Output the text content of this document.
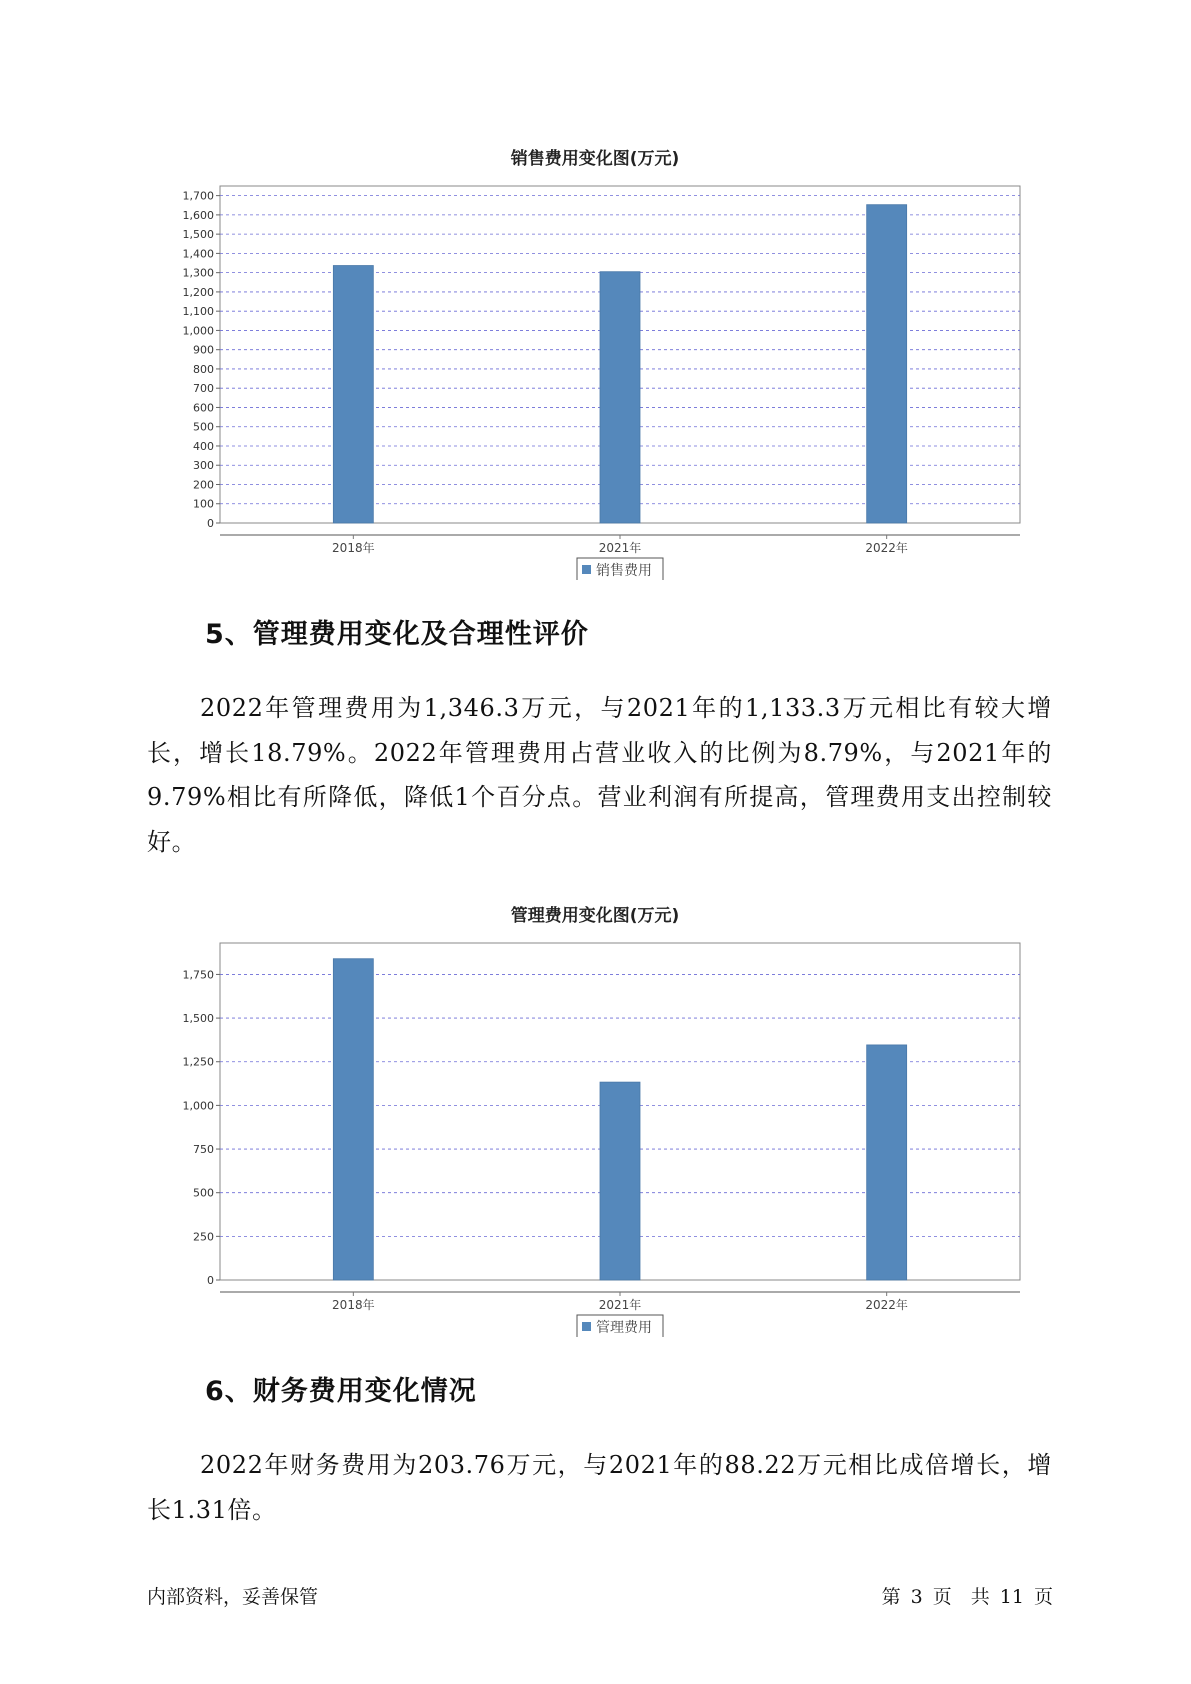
销售费用变化图(万元)
0
100
200
300
400
500
600
700
800
900
1,000
1,100
1,200
1,300
1,400
1,500
1,600
1,700
2018年	2021年	2022年
销售费用
5、管理费用变化及合理性评价

2022年管理费用为1,346.3万元，与2021年的1,133.3万元相比有较大增长，增长18.79%。2022年管理费用占营业收入的比例为8.79%，与2021年的9.79%相比有所降低，降低1个百分点。营业利润有所提高，管理费用支出控制较好。

管理费用变化图(万元)
0
250
500
750
1,000
1,250
1,500
1,750
2018年	2021年	2022年
管理费用
6、财务费用变化情况

2022年财务费用为203.76万元，与2021年的88.22万元相比成倍增长，增长1.31倍。

内部资料，妥善保管	第 3 页　共 11 页
